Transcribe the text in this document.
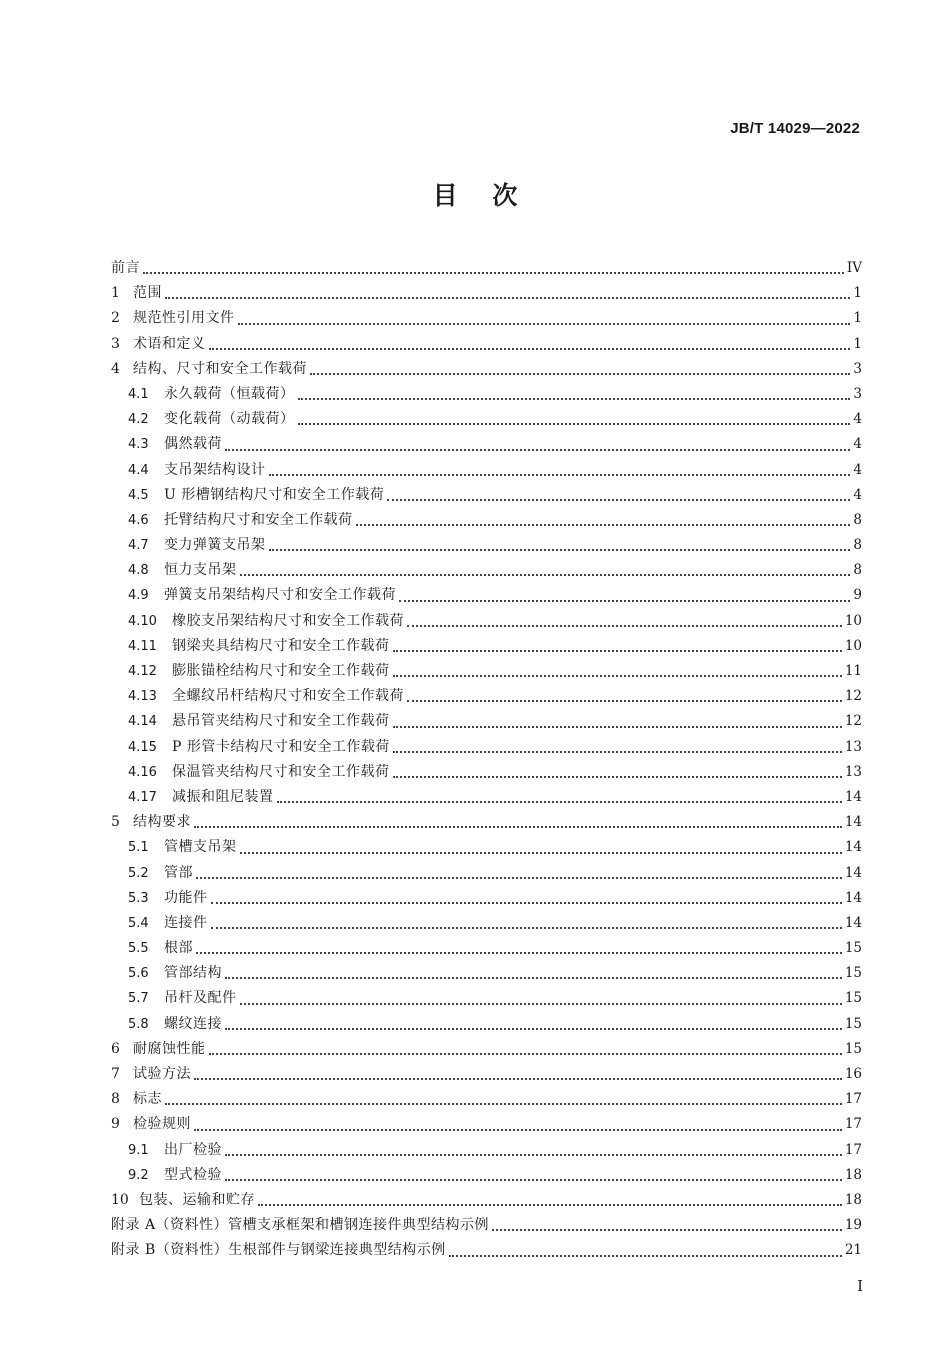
JB/T 14029—2022
目    次
前言	IV
1 范围	1
2 规范性引用文件	1
3 术语和定义	1
4 结构、尺寸和安全工作载荷	3
4.1	永久载荷（恒载荷）	3
4.2	变化载荷（动载荷）	4
4.3	偶然载荷	4
4.4	支吊架结构设计	4
4.5	U 形槽钢结构尺寸和安全工作载荷	4
4.6	托臂结构尺寸和安全工作载荷	8
4.7	变力弹簧支吊架	8
4.8	恒力支吊架	8
4.9	弹簧支吊架结构尺寸和安全工作载荷	9
4.10	橡胶支吊架结构尺寸和安全工作载荷	10
4.11	钢梁夹具结构尺寸和安全工作载荷	10
4.12	膨胀锚栓结构尺寸和安全工作载荷	11
4.13	全螺纹吊杆结构尺寸和安全工作载荷	12
4.14	悬吊管夹结构尺寸和安全工作载荷	12
4.15	P 形管卡结构尺寸和安全工作载荷	13
4.16	保温管夹结构尺寸和安全工作载荷	13
4.17	减振和阻尼装置	14
5 结构要求	14
5.1	管槽支吊架	14
5.2	管部	14
5.3	功能件	14
5.4	连接件	14
5.5	根部	15
5.6	管部结构	15
5.7	吊杆及配件	15
5.8	螺纹连接	15
6 耐腐蚀性能	15
7 试验方法	16
8 标志	17
9 检验规则	17
9.1	出厂检验	17
9.2	型式检验	18
10 包装、运输和贮存	18
附录 A（资料性）管槽支承框架和槽钢连接件典型结构示例	19
附录 B（资料性）生根部件与钢梁连接典型结构示例	21
I
